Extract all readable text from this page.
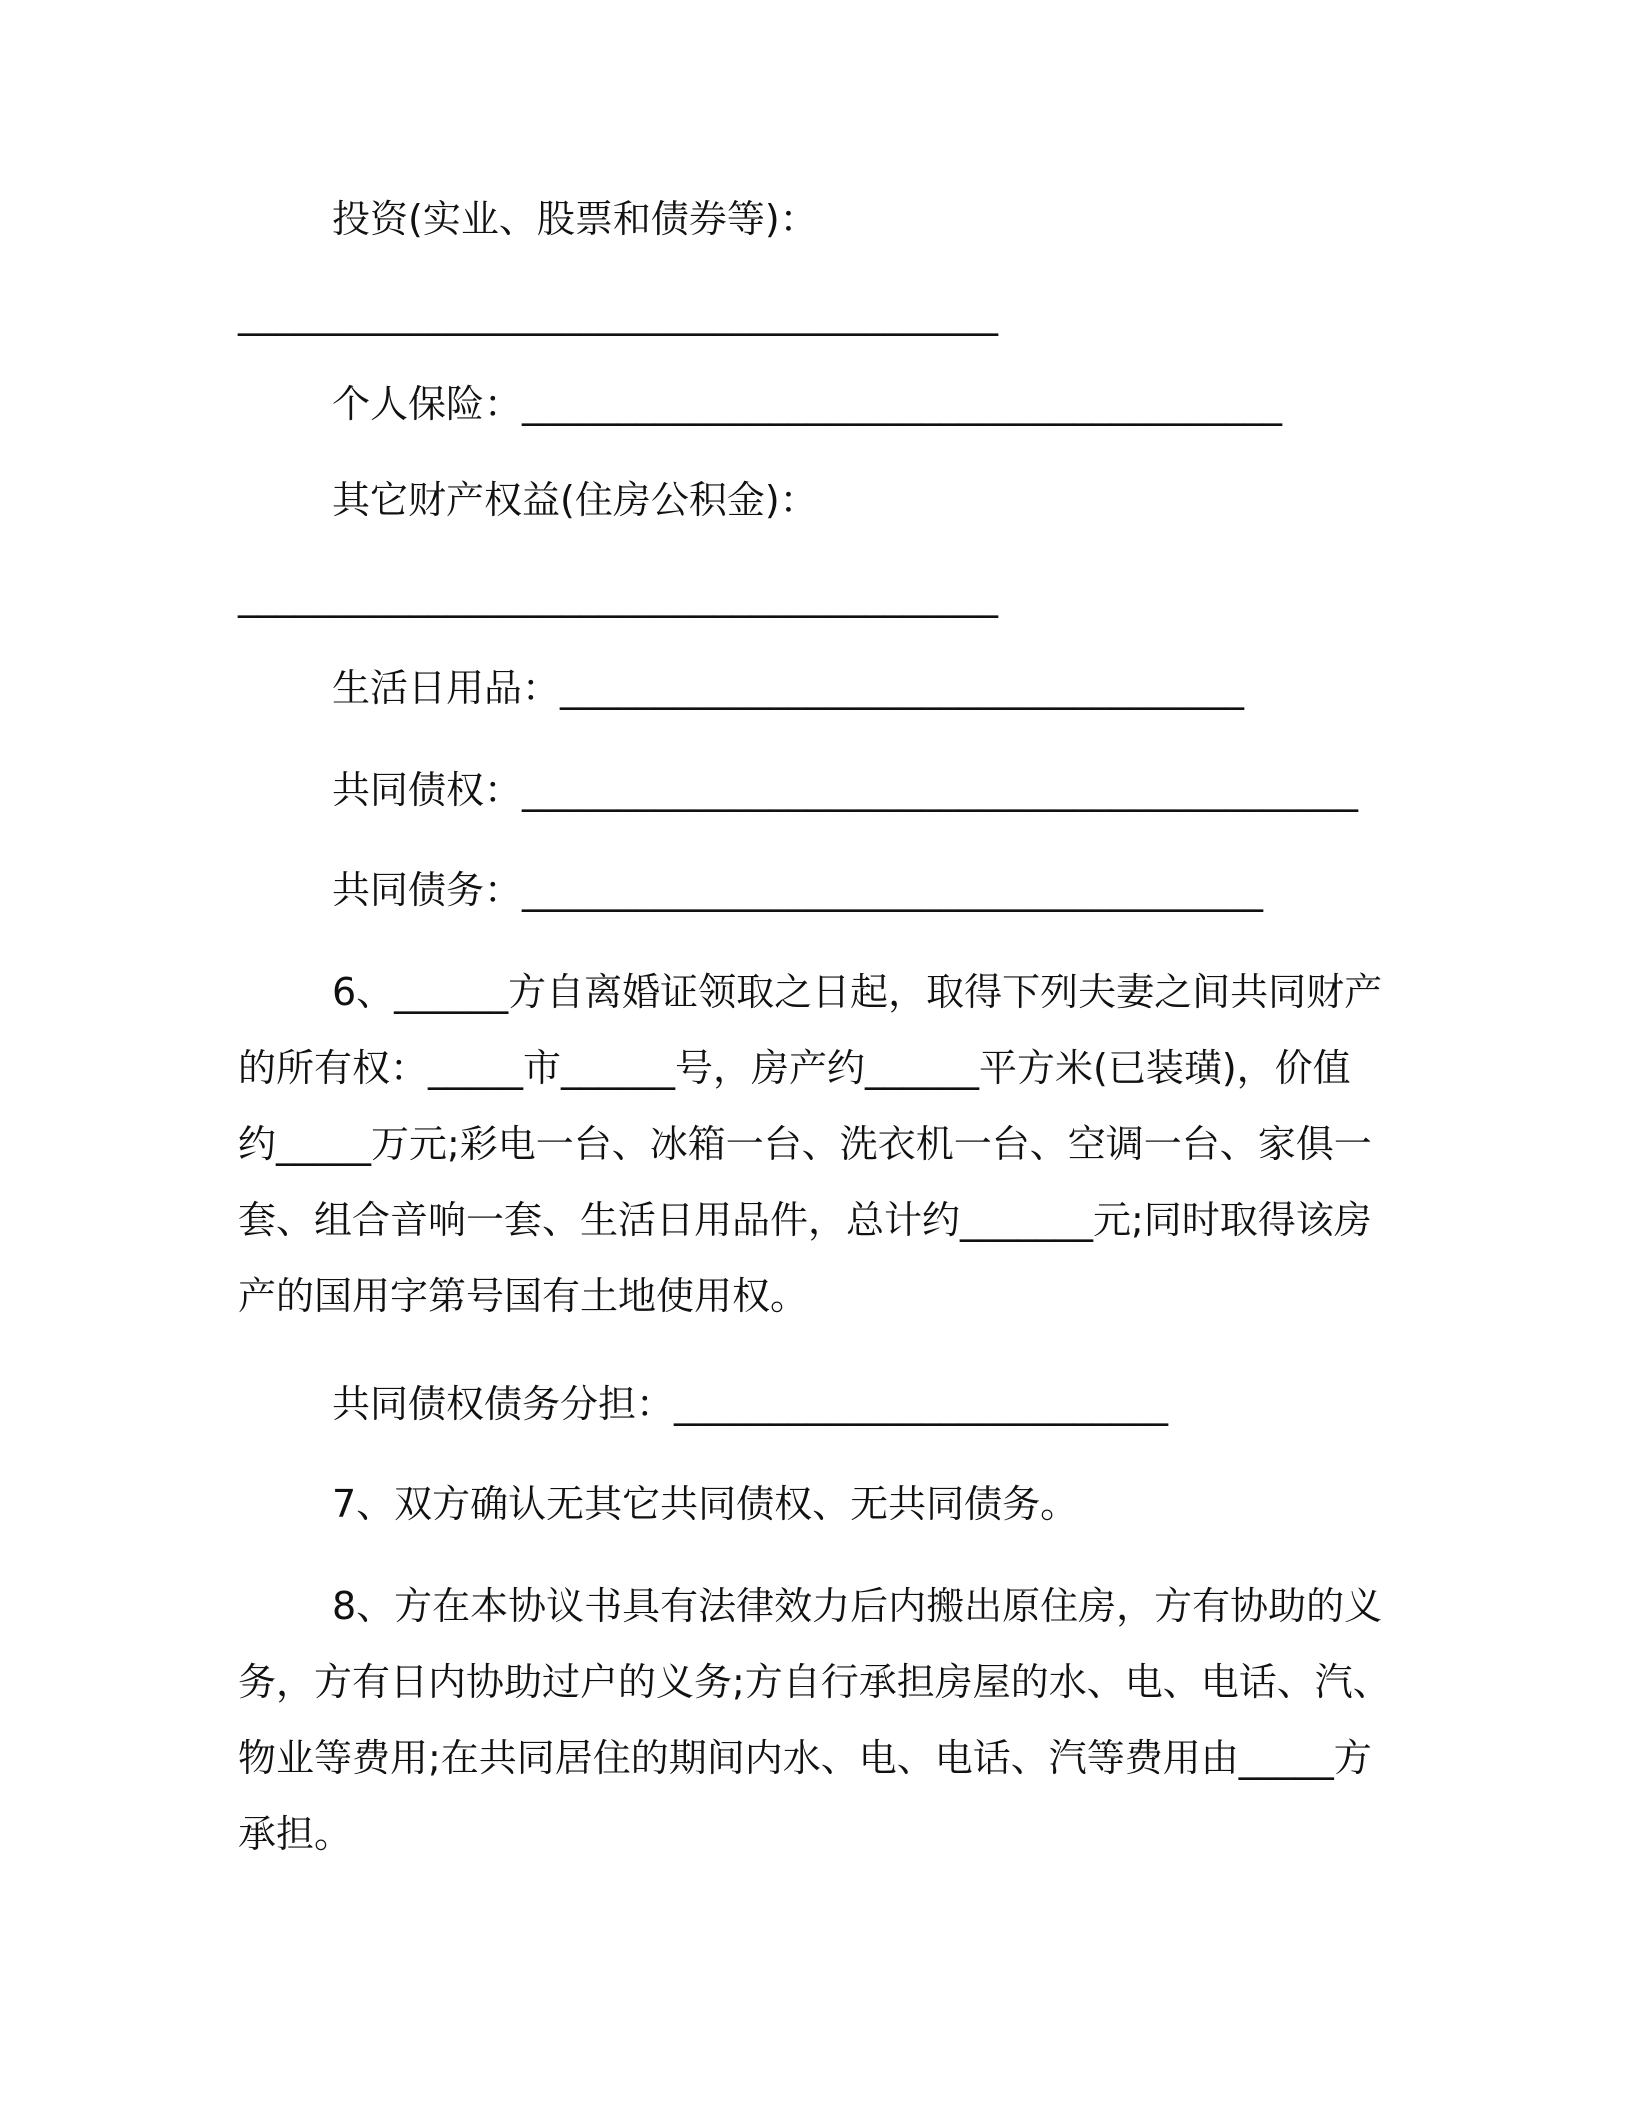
投资(实业、股票和债券等)：
________________________________________
个人保险：________________________________________
其它财产权益(住房公积金)：
________________________________________
生活日用品：____________________________________
共同债权：____________________________________________
共同债务：_______________________________________
6、______方自离婚证领取之日起，取得下列夫妻之间共同财产
的所有权：_____市______号，房产约______平方米(已装璜)，价值
约_____万元;彩电一台、冰箱一台、洗衣机一台、空调一台、家俱一
套、组合音响一套、生活日用品件，总计约_______元;同时取得该房
产的国用字第号国有土地使用权。
共同债权债务分担：__________________________
7、双方确认无其它共同债权、无共同债务。
8、方在本协议书具有法律效力后内搬出原住房，方有协助的义
务，方有日内协助过户的义务;方自行承担房屋的水、电、电话、汽、
物业等费用;在共同居住的期间内水、电、电话、汽等费用由_____方
承担。
